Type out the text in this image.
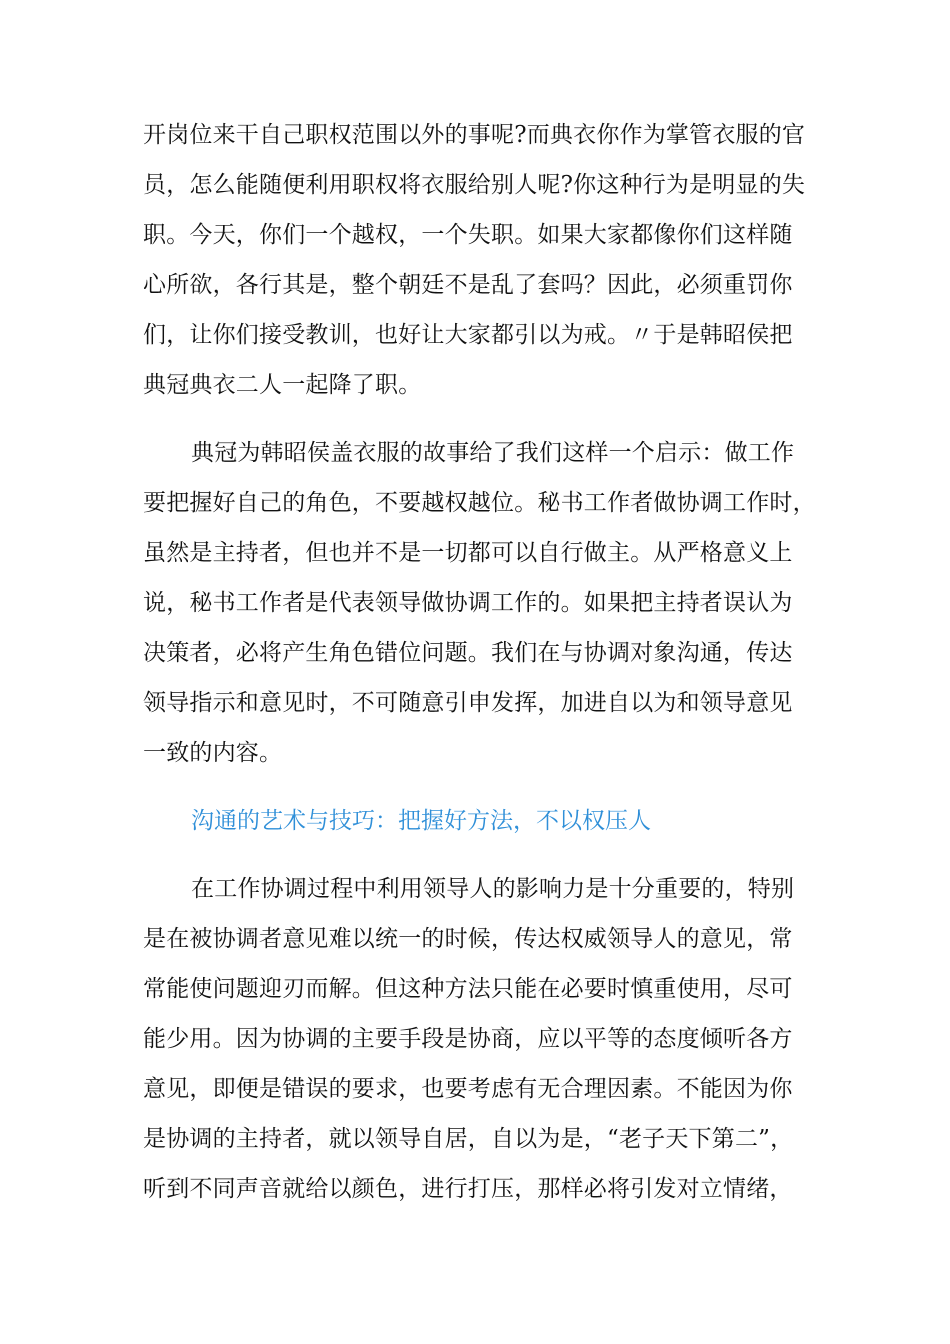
开岗位来干自己职权范围以外的事呢?而典衣你作为掌管衣服的官
员，怎么能随便利用职权将衣服给别人呢?你这种行为是明显的失
职。今天，你们一个越权，一个失职。如果大家都像你们这样随
心所欲，各行其是，整个朝廷不是乱了套吗？因此，必须重罚你
们，让你们接受教训，也好让大家都引以为戒。〃于是韩昭侯把
典冠典衣二人一起降了职。
典冠为韩昭侯盖衣服的故事给了我们这样一个启示：做工作
要把握好自己的角色，不要越权越位。秘书工作者做协调工作时，
虽然是主持者，但也并不是一切都可以自行做主。从严格意义上
说，秘书工作者是代表领导做协调工作的。如果把主持者误认为
决策者，必将产生角色错位问题。我们在与协调对象沟通，传达
领导指示和意见时，不可随意引申发挥，加进自以为和领导意见
一致的内容。
沟通的艺术与技巧：把握好方法，不以权压人
在工作协调过程中利用领导人的影响力是十分重要的，特别
是在被协调者意见难以统一的时候，传达权威领导人的意见，常
常能使问题迎刃而解。但这种方法只能在必要时慎重使用，尽可
能少用。因为协调的主要手段是协商，应以平等的态度倾听各方
意见，即便是错误的要求，也要考虑有无合理因素。不能因为你
是协调的主持者，就以领导自居，自以为是，“老子天下第二”，
听到不同声音就给以颜色，进行打压，那样必将引发对立情绪，
